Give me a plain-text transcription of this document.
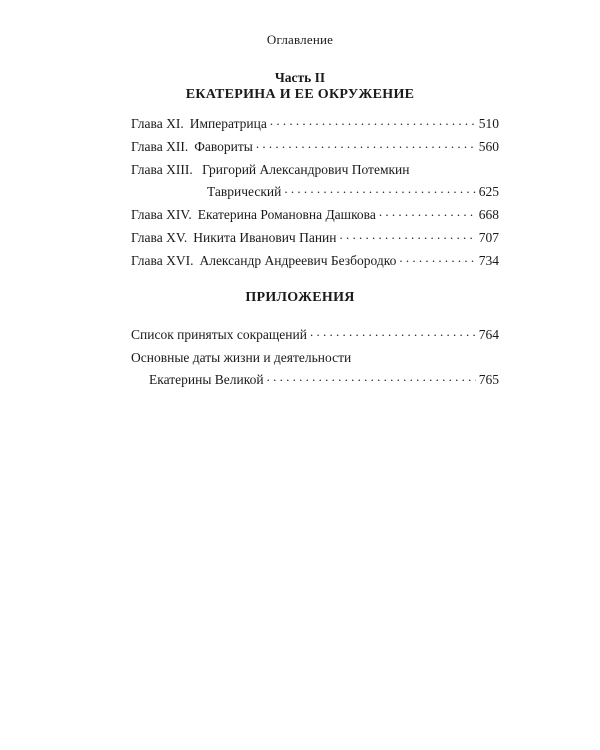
Оглавление
Часть II
ЕКАТЕРИНА И ЕЕ ОКРУЖЕНИЕ
Глава XI. Императрица . . .	510
Глава XII. Фавориты . . .	560
Глава XIII. Григорий Александрович Потемкин
Таврический . . .	625
Глава XIV. Екатерина Романовна Дашкова . . .	668
Глава XV. Никита Иванович Панин . . .	707
Глава XVI. Александр Андреевич Безбородко . . .	734
ПРИЛОЖЕНИЯ
Список принятых сокращений . . .	764
Основные даты жизни и деятельности
Екатерины Великой . . .	765
